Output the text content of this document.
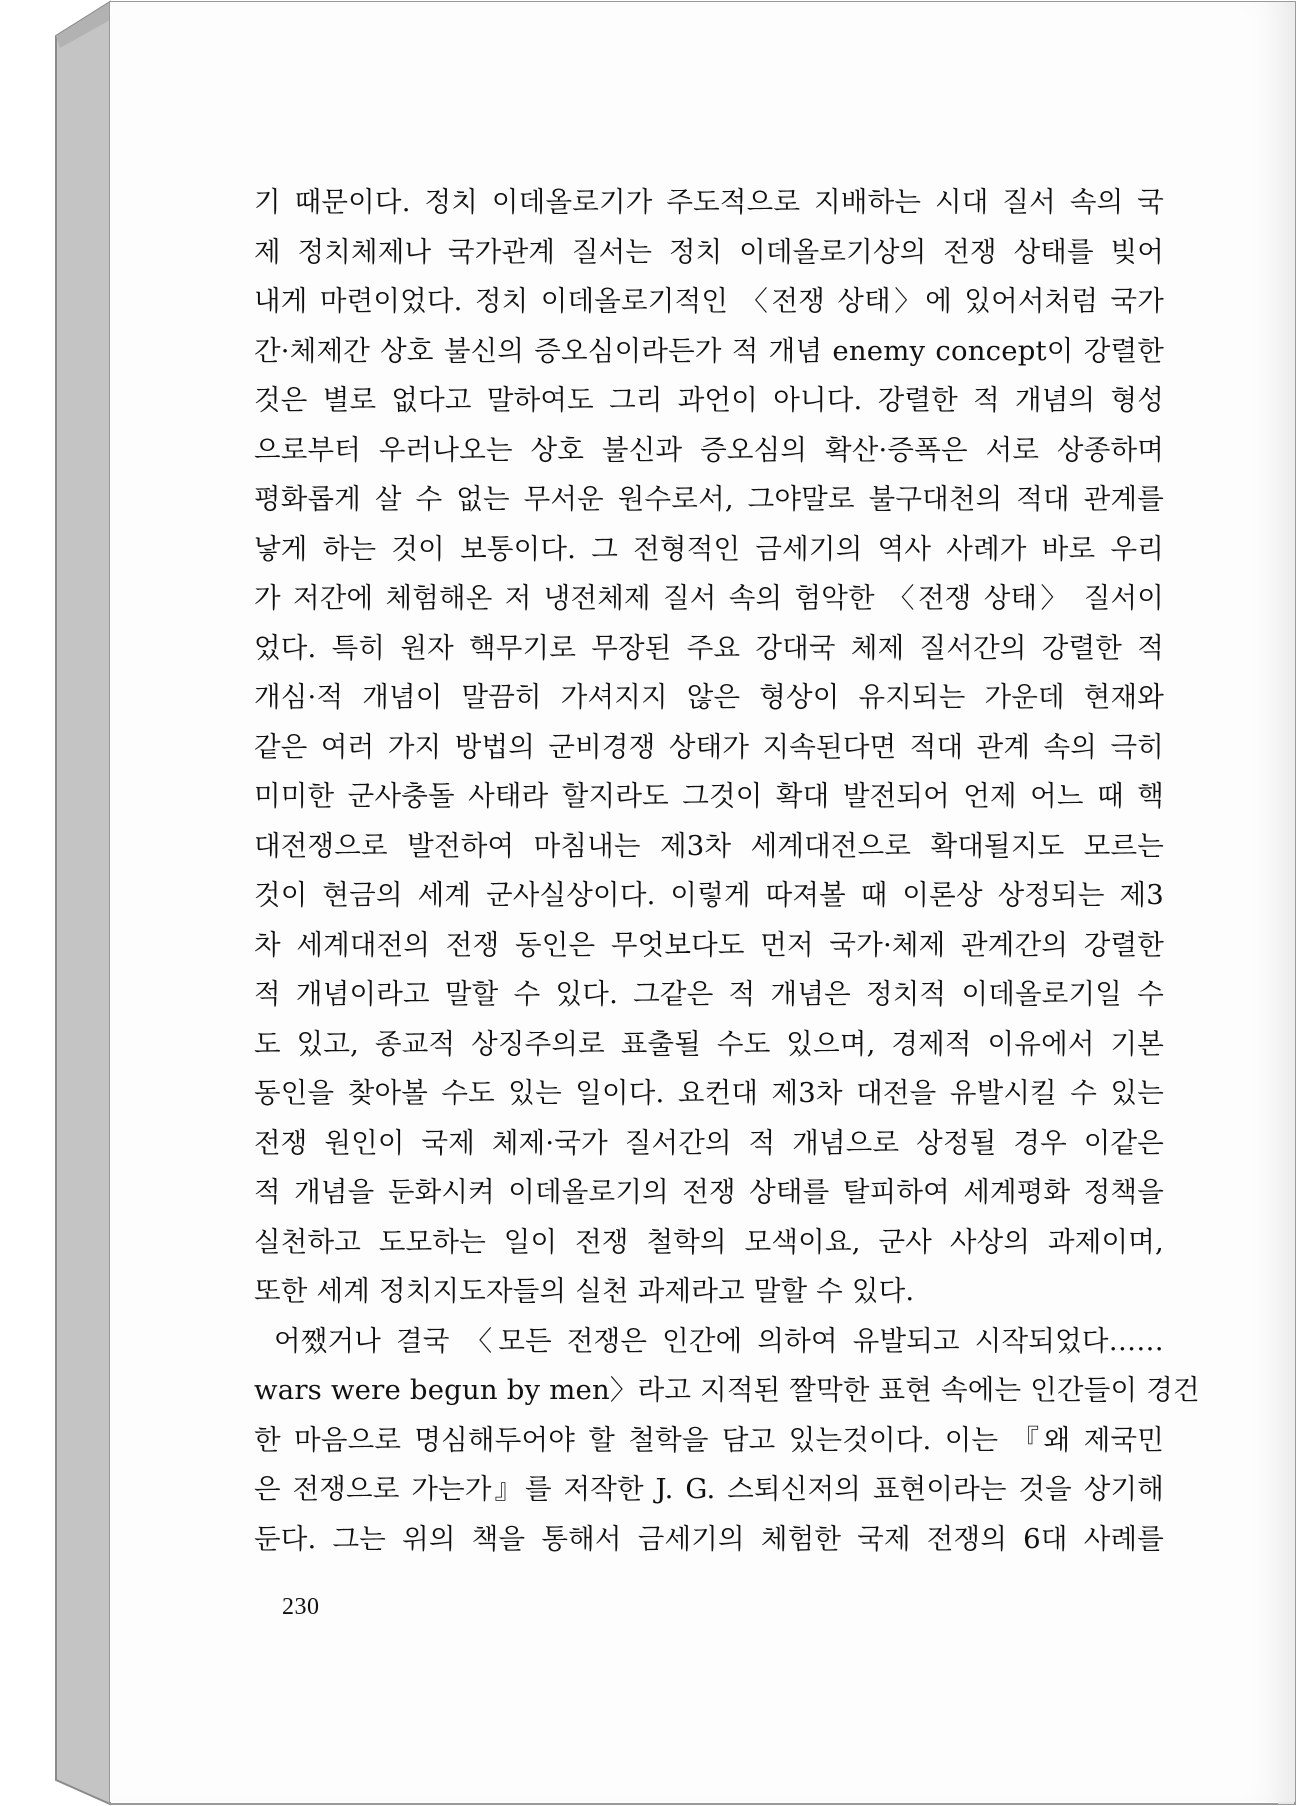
기 때문이다. 정치 이데올로기가 주도적으로 지배하는 시대 질서 속의 국
제 정치체제나 국가관계 질서는 정치 이데올로기상의 전쟁 상태를 빚어
내게 마련이었다. 정치 이데올로기적인 〈전쟁 상태〉에 있어서처럼 국가
간·체제간 상호 불신의 증오심이라든가 적 개념 enemy concept이 강렬한
것은 별로 없다고 말하여도 그리 과언이 아니다. 강렬한 적 개념의 형성
으로부터 우러나오는 상호 불신과 증오심의 확산·증폭은 서로 상종하며
평화롭게 살 수 없는 무서운 원수로서, 그야말로 불구대천의 적대 관계를
낳게 하는 것이 보통이다. 그 전형적인 금세기의 역사 사례가 바로 우리
가 저간에 체험해온 저 냉전체제 질서 속의 험악한 〈전쟁 상태〉 질서이
었다. 특히 원자 핵무기로 무장된 주요 강대국 체제 질서간의 강렬한 적
개심·적 개념이 말끔히 가셔지지 않은 형상이 유지되는 가운데 현재와
같은 여러 가지 방법의 군비경쟁 상태가 지속된다면 적대 관계 속의 극히
미미한 군사충돌 사태라 할지라도 그것이 확대 발전되어 언제 어느 때 핵
대전쟁으로 발전하여 마침내는 제3차 세계대전으로 확대될지도 모르는
것이 현금의 세계 군사실상이다. 이렇게 따져볼 때 이론상 상정되는 제3
차 세계대전의 전쟁 동인은 무엇보다도 먼저 국가·체제 관계간의 강렬한
적 개념이라고 말할 수 있다. 그같은 적 개념은 정치적 이데올로기일 수
도 있고, 종교적 상징주의로 표출될 수도 있으며, 경제적 이유에서 기본
동인을 찾아볼 수도 있는 일이다. 요컨대 제3차 대전을 유발시킬 수 있는
전쟁 원인이 국제 체제·국가 질서간의 적 개념으로 상정될 경우 이같은
적 개념을 둔화시켜 이데올로기의 전쟁 상태를 탈피하여 세계평화 정책을
실천하고 도모하는 일이 전쟁 철학의 모색이요, 군사 사상의 과제이며,
또한 세계 정치지도자들의 실천 과제라고 말할 수 있다.
어쨌거나 결국 〈모든 전쟁은 인간에 의하여 유발되고 시작되었다……
wars were begun by men〉라고 지적된 짤막한 표현 속에는 인간들이 경건
한 마음으로 명심해두어야 할 철학을 담고 있는것이다. 이는 『왜 제국민
은 전쟁으로 가는가』를 저작한 J. G. 스퇴신저의 표현이라는 것을 상기해
둔다. 그는 위의 책을 통해서 금세기의 체험한 국제 전쟁의 6대 사례를
230
